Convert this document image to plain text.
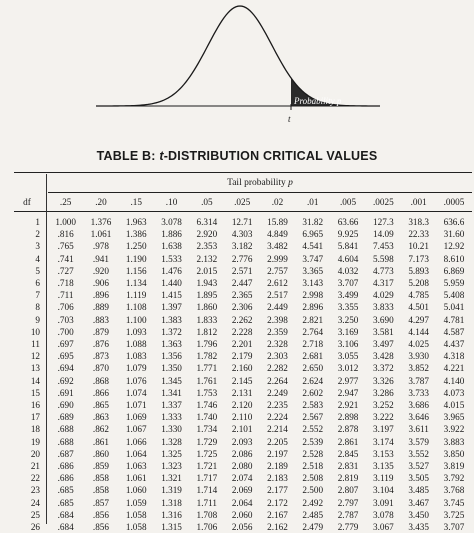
Probability p
t
TABLE B: t-DISTRIBUTION CRITICAL VALUES
Tail probability p
df	.25	.20	.15	.10	.05	.025	.02	.01	.005	.0025	.001	.0005
1	1.000	1.376	1.963	3.078	6.314	12.71	15.89	31.82	63.66	127.3	318.3	636.6
2	.816	1.061	1.386	1.886	2.920	4.303	4.849	6.965	9.925	14.09	22.33	31.60
3	.765	.978	1.250	1.638	2.353	3.182	3.482	4.541	5.841	7.453	10.21	12.92
4	.741	.941	1.190	1.533	2.132	2.776	2.999	3.747	4.604	5.598	7.173	8.610
5	.727	.920	1.156	1.476	2.015	2.571	2.757	3.365	4.032	4.773	5.893	6.869
6	.718	.906	1.134	1.440	1.943	2.447	2.612	3.143	3.707	4.317	5.208	5.959
7	.711	.896	1.119	1.415	1.895	2.365	2.517	2.998	3.499	4.029	4.785	5.408
8	.706	.889	1.108	1.397	1.860	2.306	2.449	2.896	3.355	3.833	4.501	5.041
9	.703	.883	1.100	1.383	1.833	2.262	2.398	2.821	3.250	3.690	4.297	4.781
10	.700	.879	1.093	1.372	1.812	2.228	2.359	2.764	3.169	3.581	4.144	4.587
11	.697	.876	1.088	1.363	1.796	2.201	2.328	2.718	3.106	3.497	4.025	4.437
12	.695	.873	1.083	1.356	1.782	2.179	2.303	2.681	3.055	3.428	3.930	4.318
13	.694	.870	1.079	1.350	1.771	2.160	2.282	2.650	3.012	3.372	3.852	4.221
14	.692	.868	1.076	1.345	1.761	2.145	2.264	2.624	2.977	3.326	3.787	4.140
15	.691	.866	1.074	1.341	1.753	2.131	2.249	2.602	2.947	3.286	3.733	4.073
16	.690	.865	1.071	1.337	1.746	2.120	2.235	2.583	2.921	3.252	3.686	4.015
17	.689	.863	1.069	1.333	1.740	2.110	2.224	2.567	2.898	3.222	3.646	3.965
18	.688	.862	1.067	1.330	1.734	2.101	2.214	2.552	2.878	3.197	3.611	3.922
19	.688	.861	1.066	1.328	1.729	2.093	2.205	2.539	2.861	3.174	3.579	3.883
20	.687	.860	1.064	1.325	1.725	2.086	2.197	2.528	2.845	3.153	3.552	3.850
21	.686	.859	1.063	1.323	1.721	2.080	2.189	2.518	2.831	3.135	3.527	3.819
22	.686	.858	1.061	1.321	1.717	2.074	2.183	2.508	2.819	3.119	3.505	3.792
23	.685	.858	1.060	1.319	1.714	2.069	2.177	2.500	2.807	3.104	3.485	3.768
24	.685	.857	1.059	1.318	1.711	2.064	2.172	2.492	2.797	3.091	3.467	3.745
25	.684	.856	1.058	1.316	1.708	2.060	2.167	2.485	2.787	3.078	3.450	3.725
26	.684	.856	1.058	1.315	1.706	2.056	2.162	2.479	2.779	3.067	3.435	3.707
